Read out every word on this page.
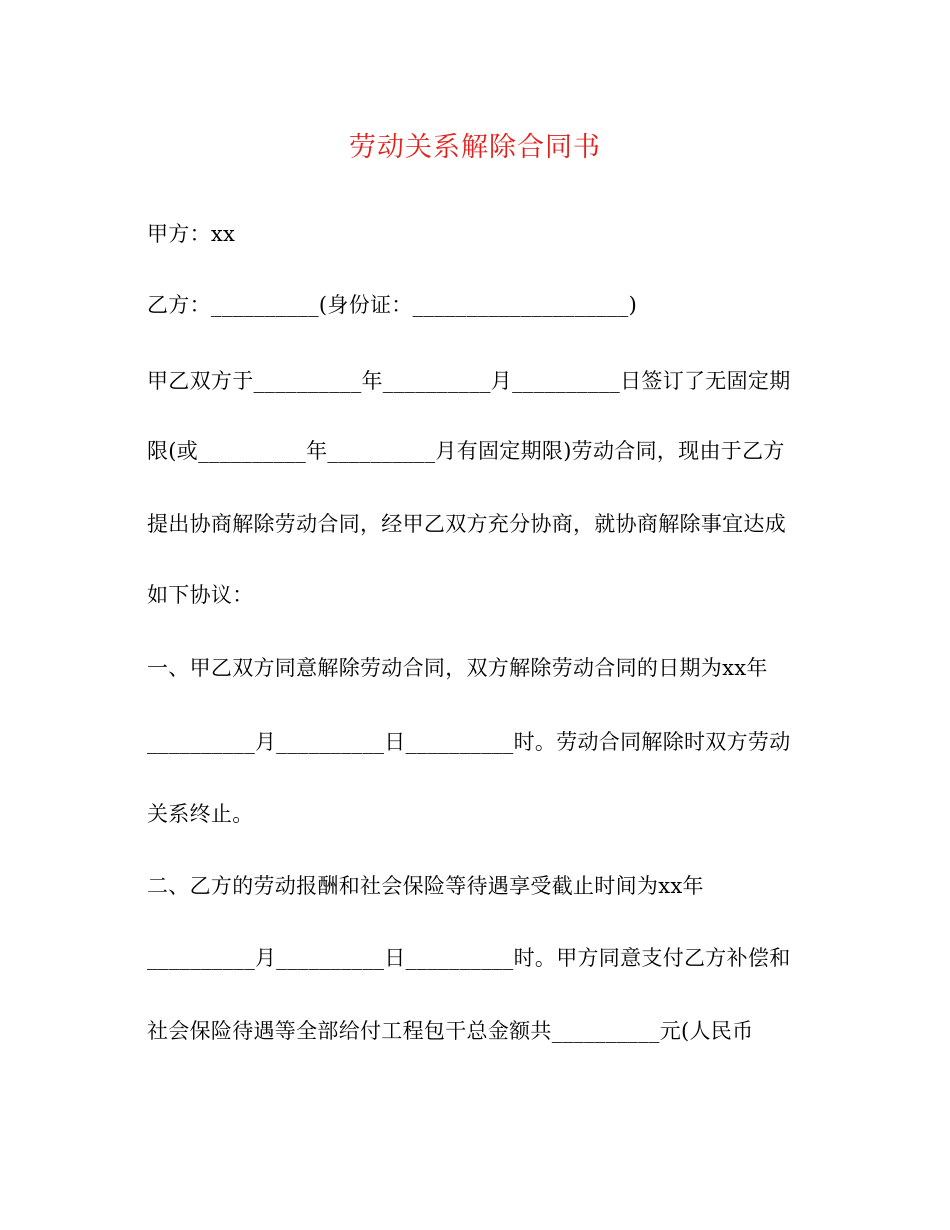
劳动关系解除合同书
甲方：xx
乙方：__________(身份证：____________________)
甲乙双方于__________年__________月__________日签订了无固定期
限(或__________年__________月有固定期限)劳动合同，现由于乙方
提出协商解除劳动合同，经甲乙双方充分协商，就协商解除事宜达成
如下协议：
一、甲乙双方同意解除劳动合同，双方解除劳动合同的日期为xx年
__________月__________日__________时。劳动合同解除时双方劳动
关系终止。
二、乙方的劳动报酬和社会保险等待遇享受截止时间为xx年
__________月__________日__________时。甲方同意支付乙方补偿和
社会保险待遇等全部给付工程包干总金额共__________元(人民币
